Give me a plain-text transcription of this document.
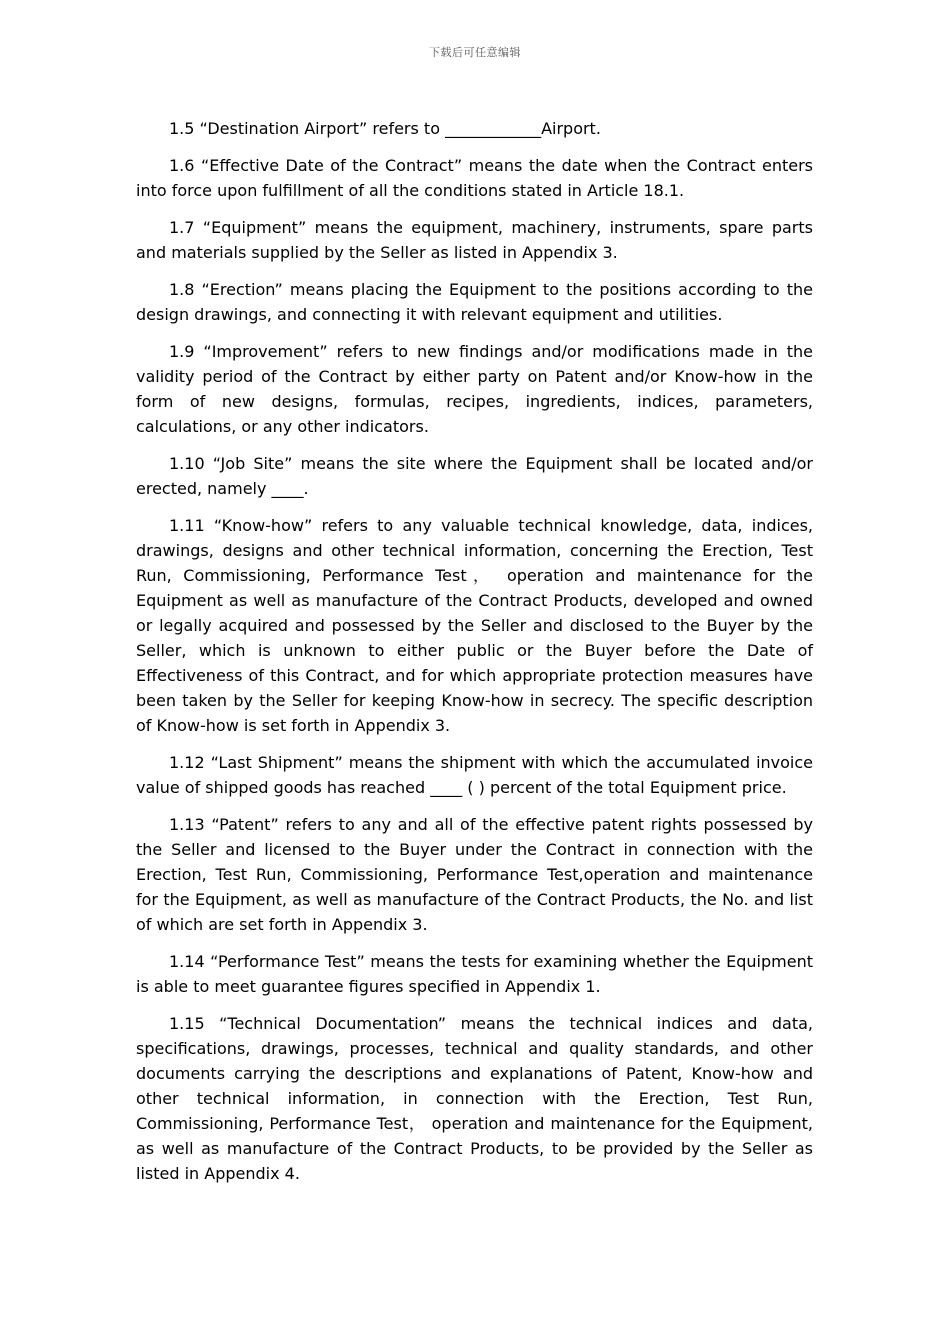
下载后可任意编辑

1.5 “Destination Airport” refers to ____________Airport.

1.6 “Effective Date of the Contract” means the date when the Contract enters into force upon fulfillment of all the conditions stated in Article 18.1.

1.7 “Equipment” means the equipment, machinery, instruments, spare parts and materials supplied by the Seller as listed in Appendix 3.

1.8 “Erection” means placing the Equipment to the positions according to the design drawings, and connecting it with relevant equipment and utilities.

1.9 “Improvement” refers to new findings and/or modifications made in the validity period of the Contract by either party on Patent and/or Know-how in the form of new designs, formulas, recipes, ingredients, indices, parameters, calculations, or any other indicators.

1.10 “Job Site” means the site where the Equipment shall be located and/or erected, namely ____.

1.11 “Know-how” refers to any valuable technical knowledge, data, indices, drawings, designs and other technical information, concerning the Erection, Test Run, Commissioning, Performance Test， operation and maintenance for the Equipment as well as manufacture of the Contract Products, developed and owned or legally acquired and possessed by the Seller and disclosed to the Buyer by the Seller, which is unknown to either public or the Buyer before the Date of Effectiveness of this Contract, and for which appropriate protection measures have been taken by the Seller for keeping Know-how in secrecy. The specific description of Know-how is set forth in Appendix 3.

1.12 “Last Shipment” means the shipment with which the accumulated invoice value of shipped goods has reached ____ ( ) percent of the total Equipment price.

1.13 “Patent” refers to any and all of the effective patent rights possessed by the Seller and licensed to the Buyer under the Contract in connection with the Erection, Test Run, Commissioning, Performance Test,operation and maintenance for the Equipment, as well as manufacture of the Contract Products, the No. and list of which are set forth in Appendix 3.

1.14 “Performance Test” means the tests for examining whether the Equipment is able to meet guarantee figures specified in Appendix 1.

1.15 “Technical Documentation” means the technical indices and data, specifications, drawings, processes, technical and quality standards, and other documents carrying the descriptions and explanations of Patent, Know-how and other technical information, in connection with the Erection, Test Run, Commissioning, Performance Test， operation and maintenance for the Equipment, as well as manufacture of the Contract Products, to be provided by the Seller as listed in Appendix 4.
